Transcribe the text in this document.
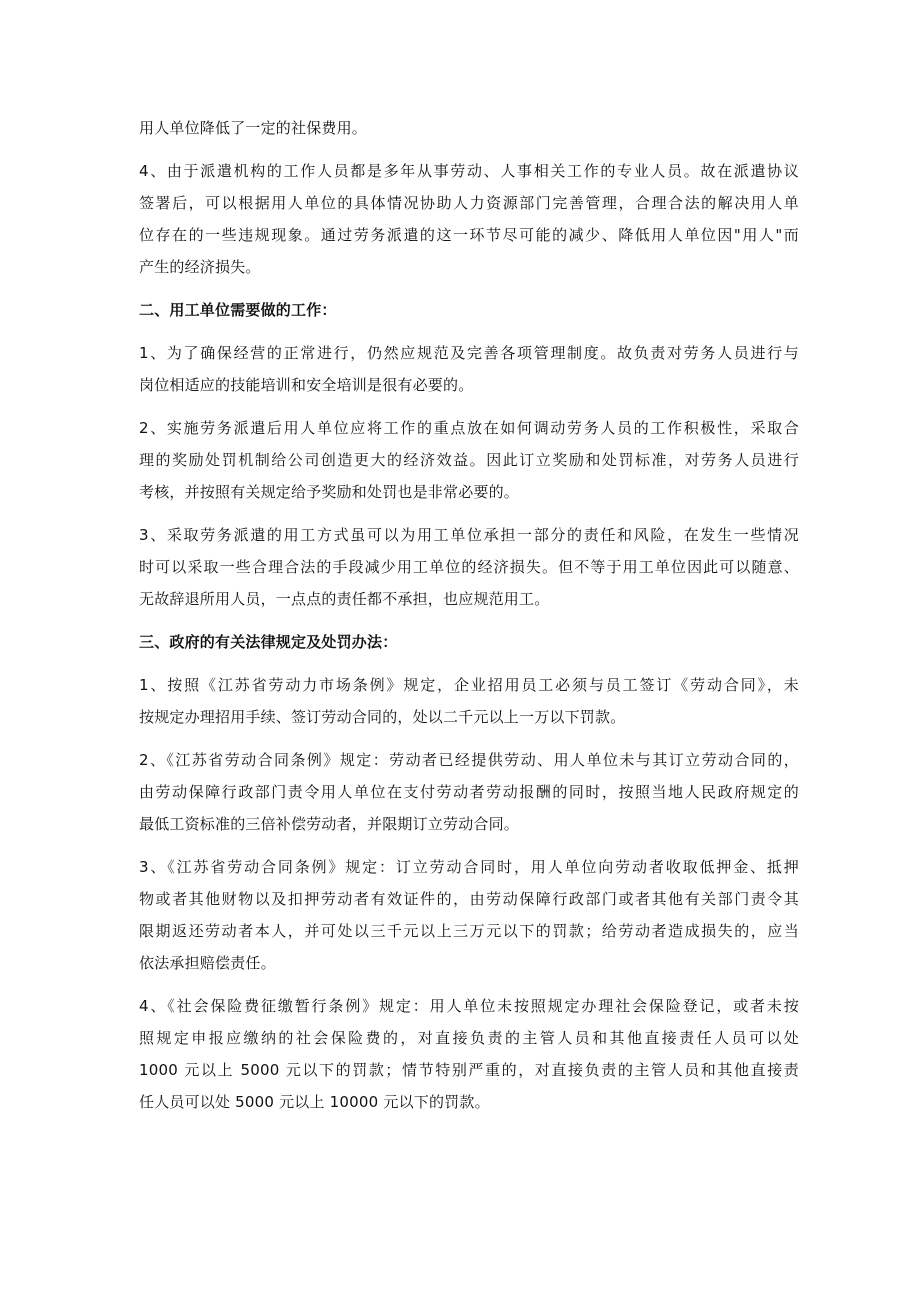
用人单位降低了一定的社保费用。
4、由于派遣机构的工作人员都是多年从事劳动、人事相关工作的专业人员。故在派遣协议
签署后，可以根据用人单位的具体情况协助人力资源部门完善管理，合理合法的解决用人单
位存在的一些违规现象。通过劳务派遣的这一环节尽可能的减少、降低用人单位因"用人"而
产生的经济损失。
二、用工单位需要做的工作：
1、为了确保经营的正常进行，仍然应规范及完善各项管理制度。故负责对劳务人员进行与
岗位相适应的技能培训和安全培训是很有必要的。
2、实施劳务派遣后用人单位应将工作的重点放在如何调动劳务人员的工作积极性，采取合
理的奖励处罚机制给公司创造更大的经济效益。因此订立奖励和处罚标准，对劳务人员进行
考核，并按照有关规定给予奖励和处罚也是非常必要的。
3、采取劳务派遣的用工方式虽可以为用工单位承担一部分的责任和风险，在发生一些情况
时可以采取一些合理合法的手段减少用工单位的经济损失。但不等于用工单位因此可以随意、
无故辞退所用人员，一点点的责任都不承担，也应规范用工。
三、政府的有关法律规定及处罚办法：
1、按照《江苏省劳动力市场条例》规定，企业招用员工必须与员工签订《劳动合同》，未
按规定办理招用手续、签订劳动合同的，处以二千元以上一万以下罚款。
2、《江苏省劳动合同条例》规定：劳动者已经提供劳动、用人单位未与其订立劳动合同的，
由劳动保障行政部门责令用人单位在支付劳动者劳动报酬的同时，按照当地人民政府规定的
最低工资标准的三倍补偿劳动者，并限期订立劳动合同。
3、《江苏省劳动合同条例》规定：订立劳动合同时，用人单位向劳动者收取低押金、抵押
物或者其他财物以及扣押劳动者有效证件的，由劳动保障行政部门或者其他有关部门责令其
限期返还劳动者本人，并可处以三千元以上三万元以下的罚款；给劳动者造成损失的，应当
依法承担赔偿责任。
4、《社会保险费征缴暂行条例》规定：用人单位未按照规定办理社会保险登记，或者未按
照规定申报应缴纳的社会保险费的，对直接负责的主管人员和其他直接责任人员可以处
1000 元以上 5000 元以下的罚款；情节特别严重的，对直接负责的主管人员和其他直接责
任人员可以处 5000 元以上 10000 元以下的罚款。
